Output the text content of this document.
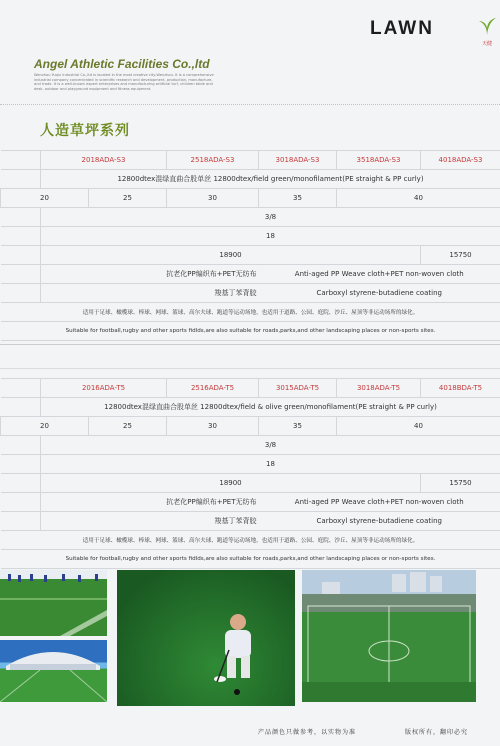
LAWN
天健
Angel Athletic Facilities Co.,ltd
Wenzhou Yuqiu Industrial Co.,ltd is located in the most creative city-Wenzhou. It is a comprehensive industrial company concentrated in scientific research and development, production, manufacture, and trade. It is a well-known expert enterprises and manufacturing artificial turf, children table and desk, outdoor and playground equipment and fitness equipment.
人造草坪系列
	2018ADA-S3		2518ADA-S3	3018ADA-S3	3518ADA-S3	4018ADA-S3
	12800dtex混绿直曲合股单丝 12800dtex/field green/monofilament(PE straight & PP curly)					
20		25	30	35	40	
	3/8					
	18					
	18900					15750
	抗老化PP编织布+PET无纺布			Anti-aged PP Weave cloth+PET non-woven cloth		
	羧基丁苯背胶			Carboxyl styrene-butadiene coating		
适用于足球、橄榄球、棒球、网球、篮球、高尔夫球、跑道等运动场地，也适用于道路、公园、庭院、沙丘、屋顶等非运动场所的绿化。						
Suitable for football,rugby and other sports fidlds,are also suitable for roads,parks,and other landscaping places or non-sports sites.						
	2016ADA-T5		2516ADA-T5	3015ADA-T5	3018ADA-T5	4018BDA-T5
	12800dtex混绿直曲合股单丝 12800dtex/field & olive green/monofilament(PE straight & PP curly)					
20		25	30	35	40	
	3/8					
	18					
	18900					15750
	抗老化PP编织布+PET无纺布			Anti-aged PP Weave cloth+PET non-woven cloth		
	羧基丁苯背胶			Carboxyl styrene-butadiene coating		
适用于足球、橄榄球、棒球、网球、篮球、高尔夫球、跑道等运动场地，也适用于道路、公园、庭院、沙丘、屋顶等非运动场所的绿化。						
Suitable for football,rugby and other sports fidlds,are also suitable for roads,parks,and other landscaping places or non-sports sites.						
产品颜色只做参考，以实物为准	版权所有，翻印必究
